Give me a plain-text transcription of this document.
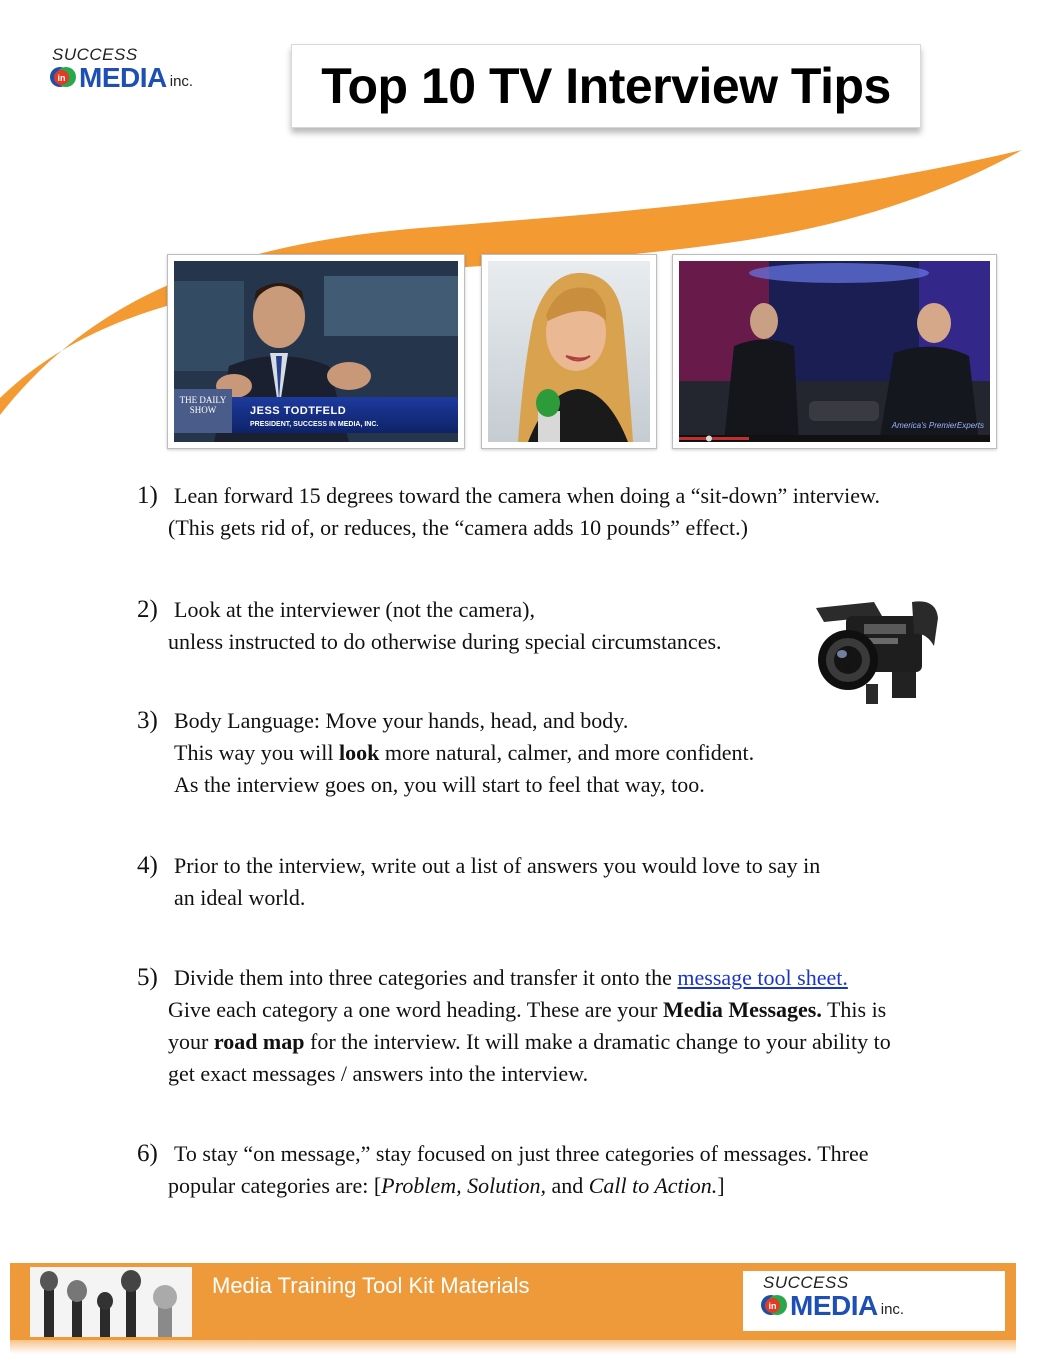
SUCCESS
in MEDIA inc.	Top 10 TV Interview Tips
THE DAILY SHOW	JESS TODTFELD
PRESIDENT, SUCCESS IN MEDIA, INC.	America's PremierExperts
1) Lean forward 15 degrees toward the camera when doing a “sit-down” interview.
(This gets rid of, or reduces, the “camera adds 10 pounds” effect.)
2) Look at the interviewer (not the camera),
unless instructed to do otherwise during special circumstances.
3) Body Language: Move your hands, head, and body.
This way you will look more natural, calmer, and more confident.
As the interview goes on, you will start to feel that way, too.
4) Prior to the interview, write out a list of answers you would love to say in
an ideal world.
5) Divide them into three categories and transfer it onto the message tool sheet.
Give each category a one word heading. These are your Media Messages. This is
your road map for the interview. It will make a dramatic change to your ability to
get exact messages / answers into the interview.
6) To stay “on message,” stay focused on just three categories of messages. Three
popular categories are: [Problem, Solution, and Call to Action.]
Media Training Tool Kit Materials	SUCCESS
in MEDIA inc.
